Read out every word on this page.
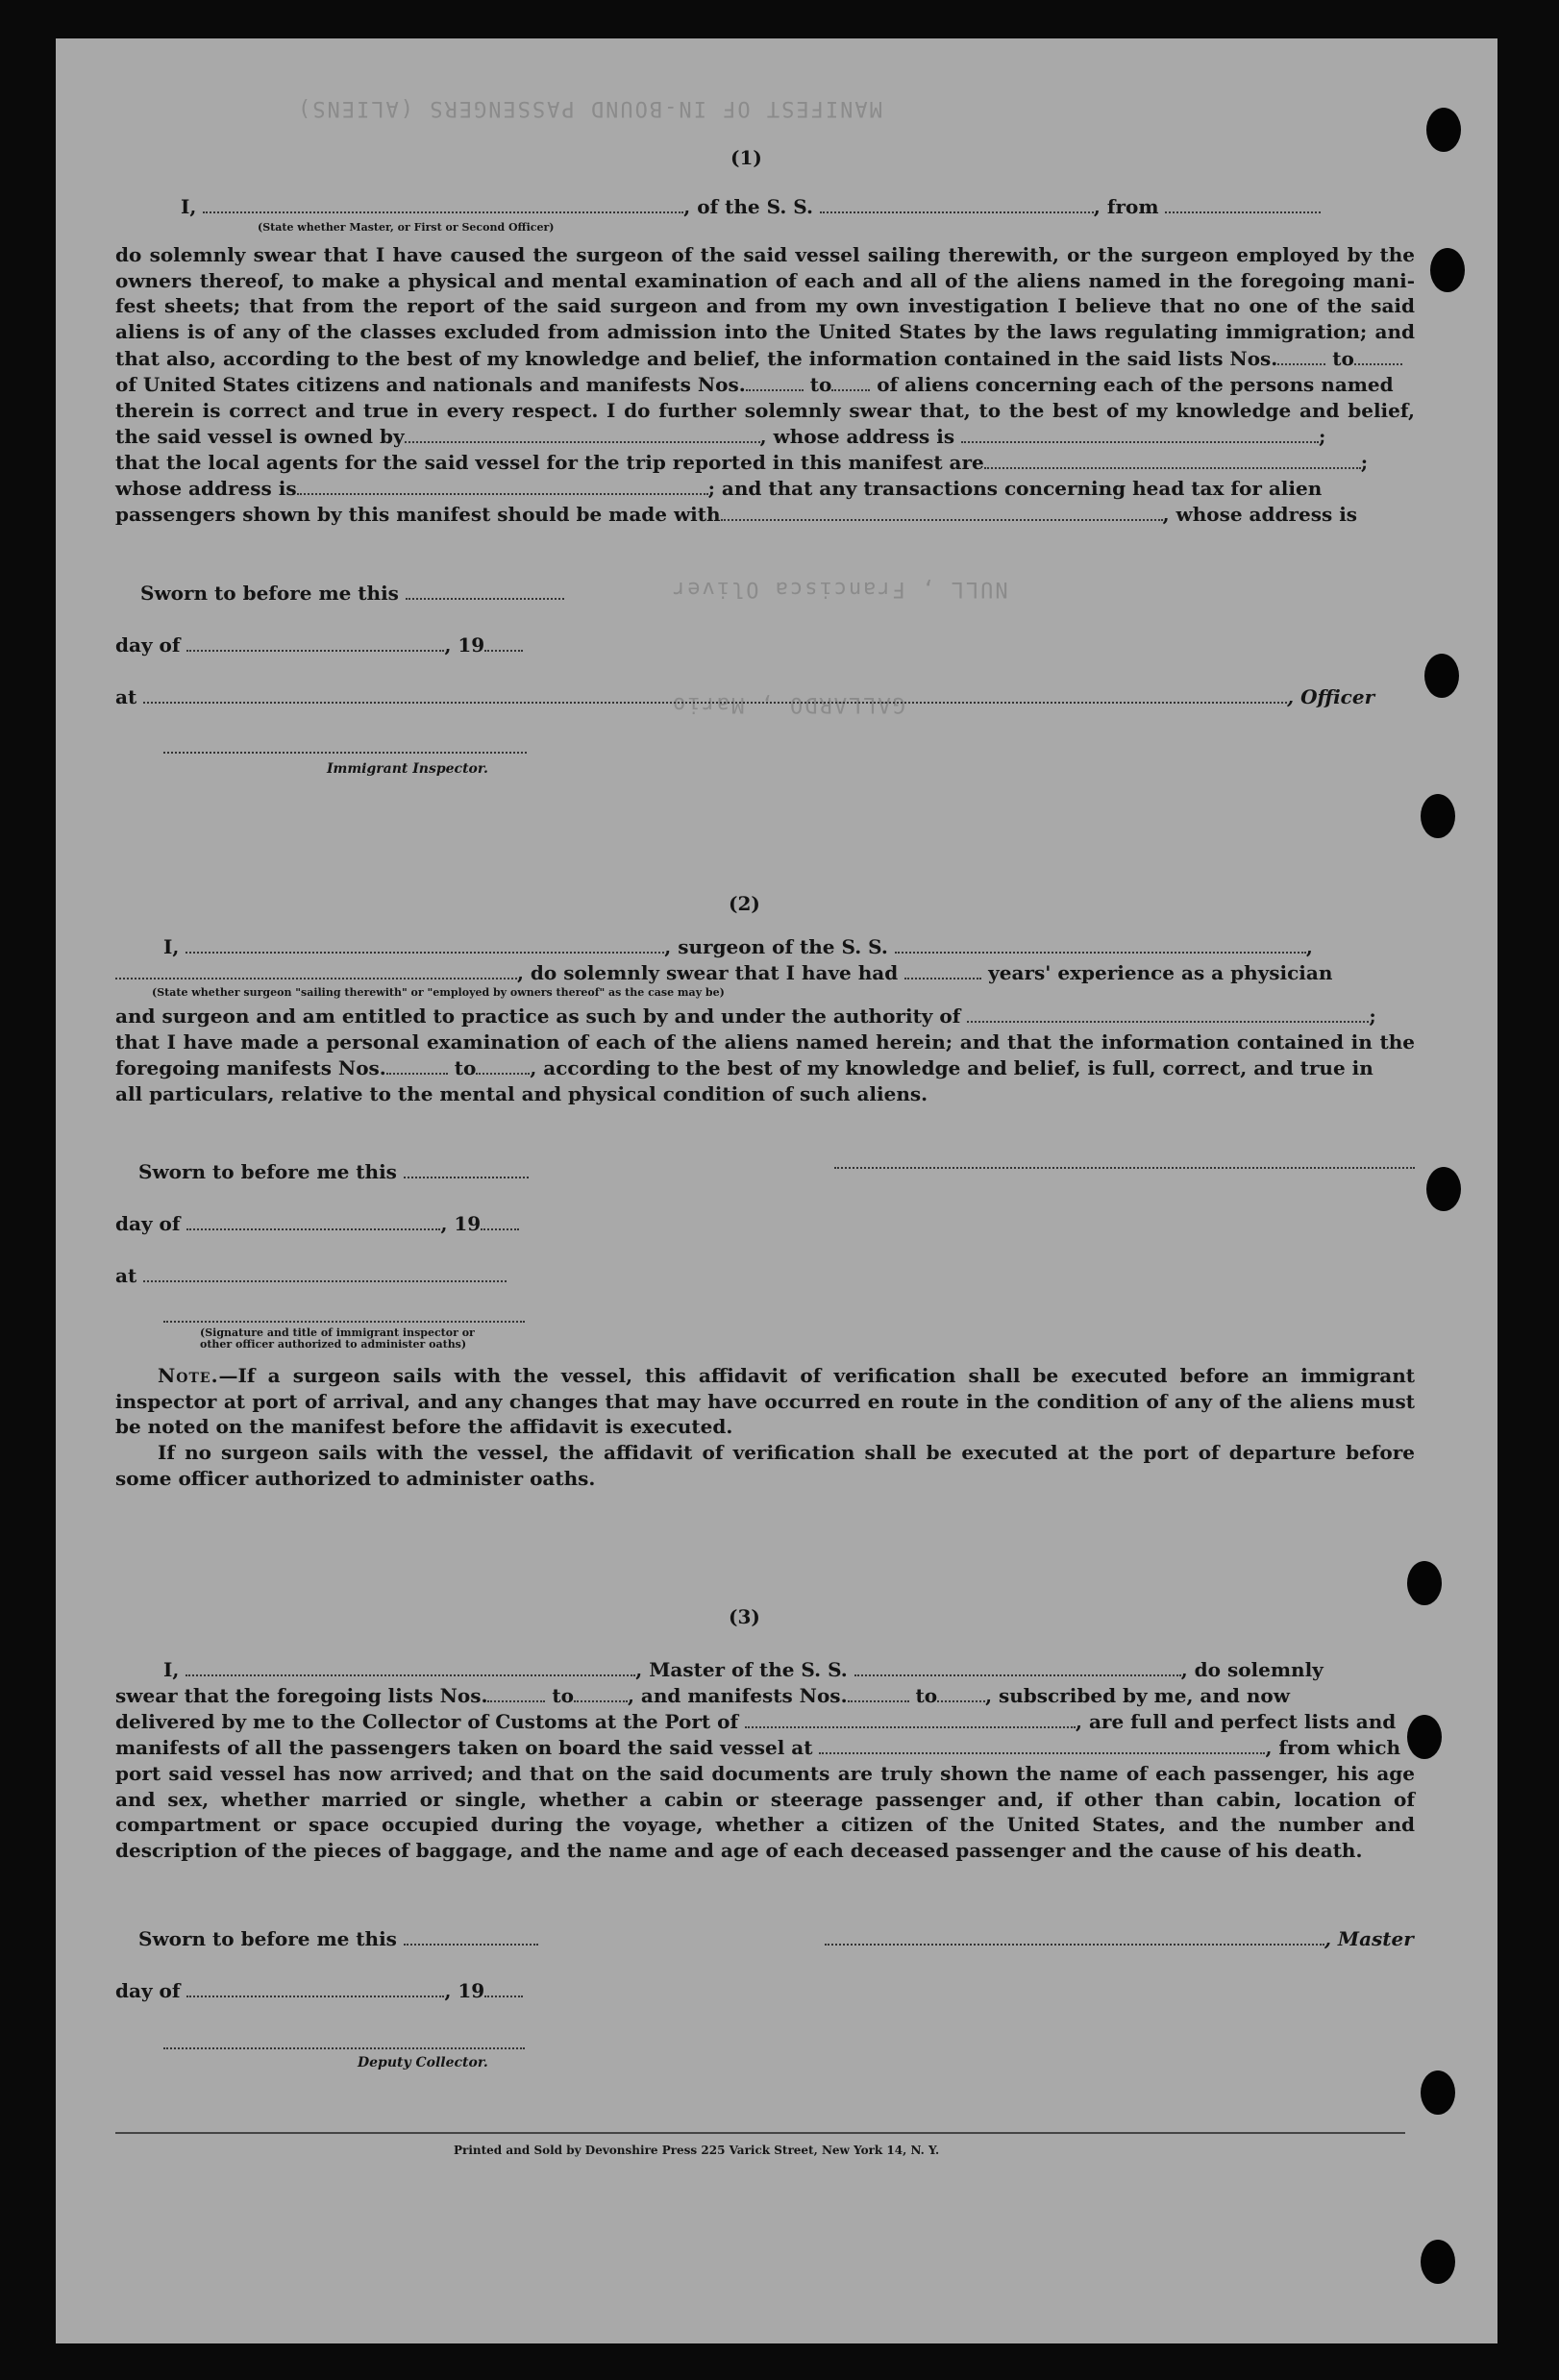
MANIFEST OF IN-BOUND PASSENGERS (ALIENS)
NULL , Francisca Oliver
GALLARDO , Mario
(1)
I,	, of the S. S.	, from
(State whether Master, or First or Second Officer)
do solemnly swear that I have caused the surgeon of the said vessel sailing therewith, or the surgeon employed by the
owners thereof, to make a physical and mental examination of each and all of the aliens named in the foregoing mani-
fest sheets; that from the report of the said surgeon and from my own investigation I believe that no one of the said
aliens is of any of the classes excluded from admission into the United States by the laws regulating immigration; and
that also, according to the best of my knowledge and belief, the information contained in the said lists Nos.	to
of United States citizens and nationals and manifests Nos.	to of aliens concerning each of the persons named
therein is correct and true in every respect. I do further solemnly swear that, to the best of my knowledge and belief,
the said vessel is owned by	, whose address is	;
that the local agents for the said vessel for the trip reported in this manifest are	;
whose address is	; and that any transactions concerning head tax for alien
passengers shown by this manifest should be made with	, whose address is
Sworn to before me this
day of	, 19
at	, Officer
Immigrant Inspector.
(2)
I,	, surgeon of the S. S.	,
, do solemnly swear that I have had	years' experience as a physician
(State whether surgeon "sailing therewith" or "employed by owners thereof" as the case may be)
and surgeon and am entitled to practice as such by and under the authority of	;
that I have made a personal examination of each of the aliens named herein; and that the information contained in the
foregoing manifests Nos.	to	, according to the best of my knowledge and belief, is full, correct, and true in
all particulars, relative to the mental and physical condition of such aliens.
Sworn to before me this
day of	, 19
at
(Signature and title of immigrant inspector or
other officer authorized to administer oaths)
Note.—If a surgeon sails with the vessel, this affidavit of verification shall be executed before an immigrant inspector at port of arrival, and any changes that may have occurred en route in the condition of any of the aliens must be noted on the manifest before the affidavit is executed.
If no surgeon sails with the vessel, the affidavit of verification shall be executed at the port of departure before some officer authorized to administer oaths.
(3)
I,	, Master of the S. S.	, do solemnly
swear that the foregoing lists Nos.	to	, and manifests Nos.	to	, subscribed by me, and now
delivered by me to the Collector of Customs at the Port of	, are full and perfect lists and
manifests of all the passengers taken on board the said vessel at	, from which
port said vessel has now arrived; and that on the said documents are truly shown the name of each passenger, his age and sex, whether married or single, whether a cabin or steerage passenger and, if other than cabin, location of compartment or space occupied during the voyage, whether a citizen of the United States, and the number and description of the pieces of baggage, and the name and age of each deceased passenger and the cause of his death.
Sworn to before me this	, Master
day of	, 19
Deputy Collector.
Printed and Sold by Devonshire Press 225 Varick Street, New York 14, N. Y.
